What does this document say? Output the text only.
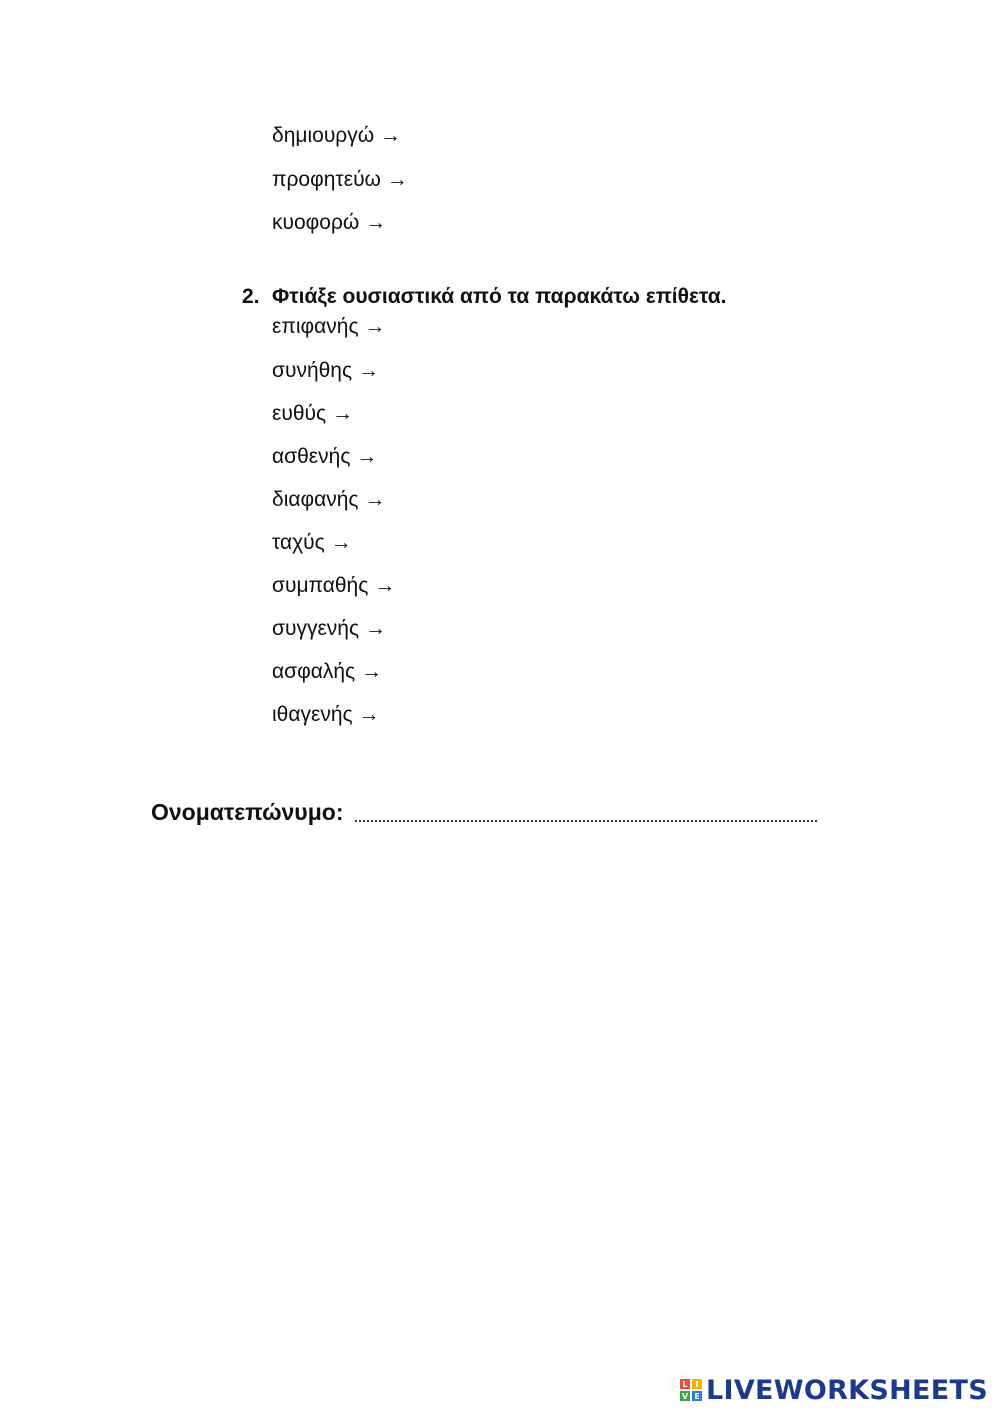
δημιουργώ →
προφητεύω →
κυοφορώ →
2. Φτιάξε ουσιαστικά από τα παρακάτω επίθετα.
επιφανής →
συνήθης →
ευθύς →
ασθενής →
διαφανής →
ταχύς →
συμπαθής →
συγγενής →
ασφαλής →
ιθαγενής →
Ονοματεπώνυμο:
L I
V E LIVEWORKSHEETS
